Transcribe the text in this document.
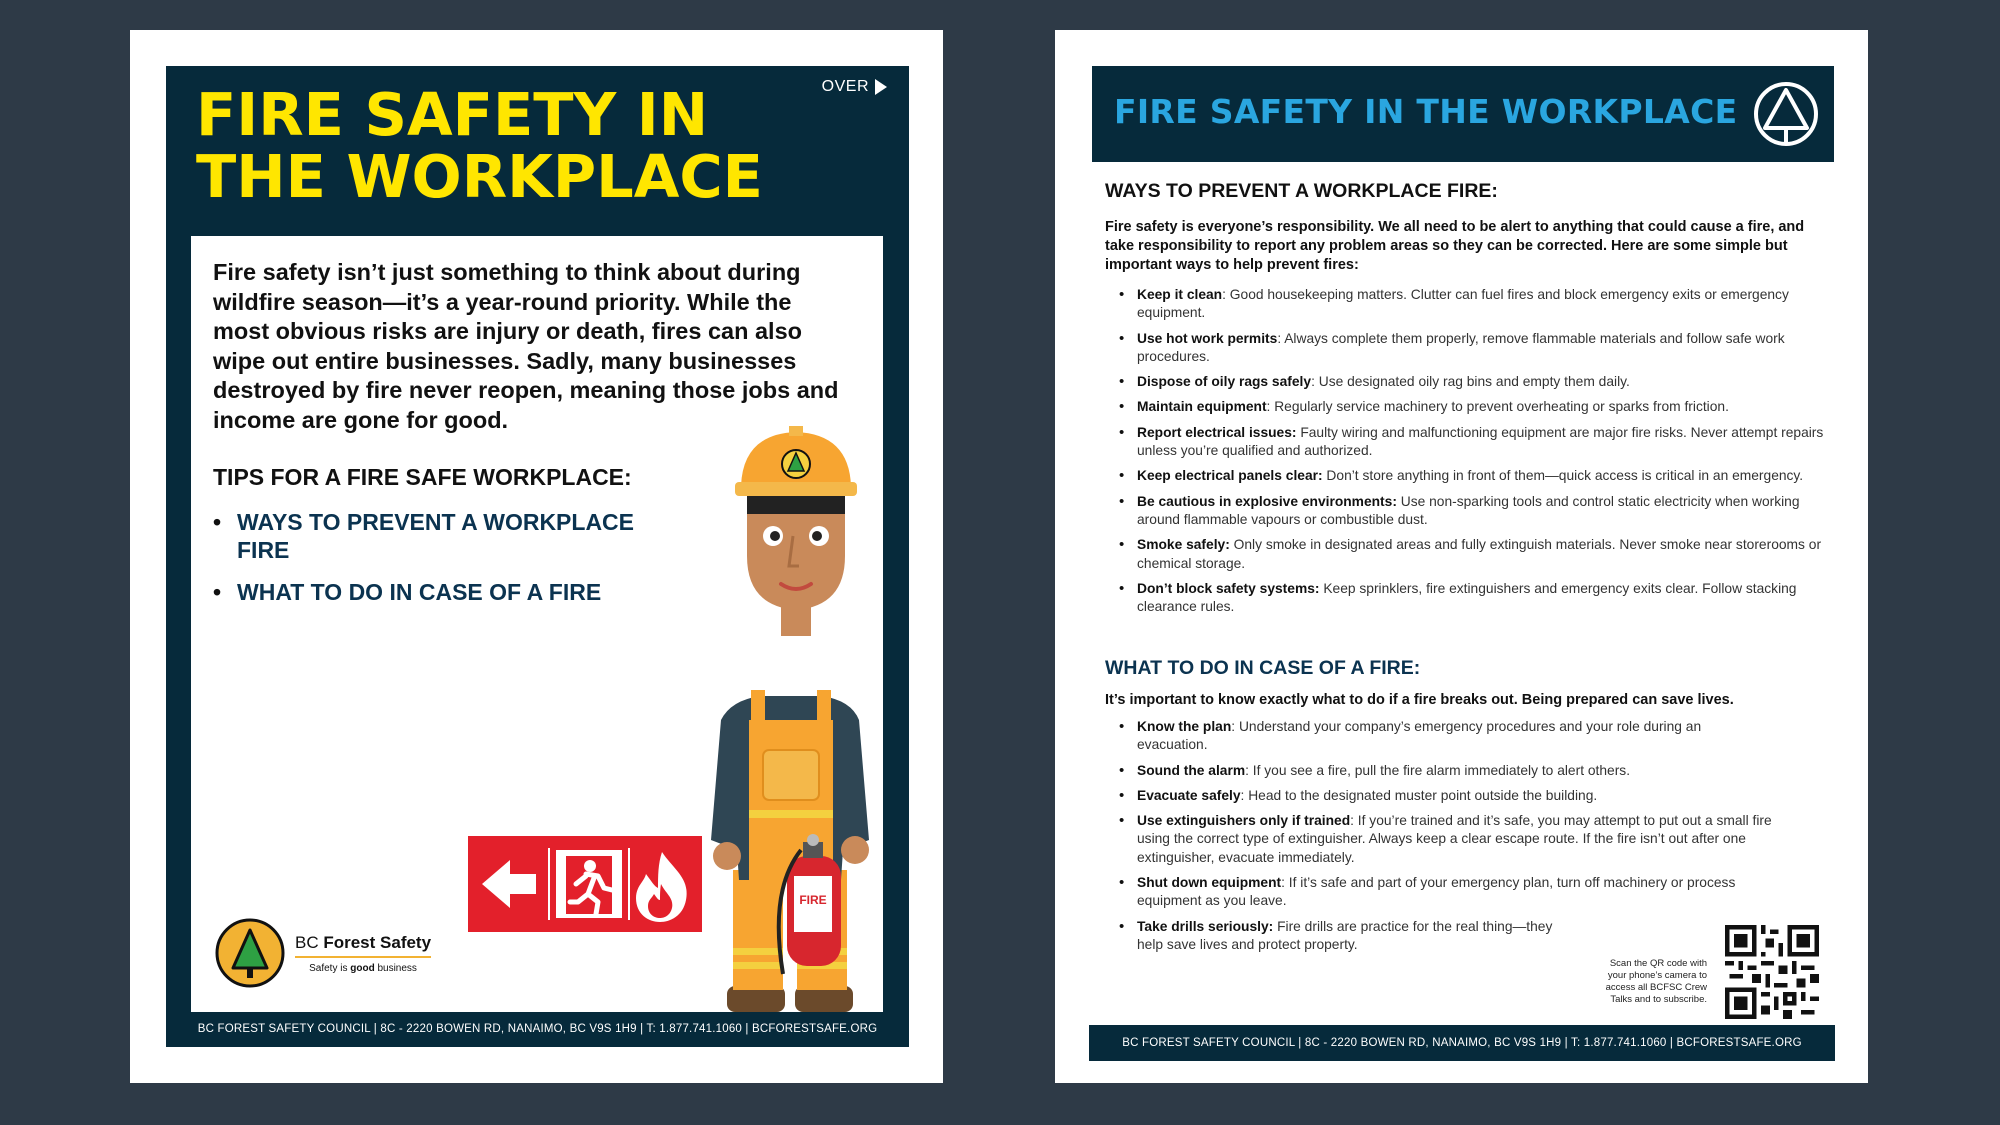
OVER
FIRE SAFETY IN
THE WORKPLACE
Fire safety isn’t just something to think about during wildfire season—it’s a year-round priority. While the most obvious risks are injury or death, fires can also wipe out entire businesses. Sadly, many businesses destroyed by fire never reopen, meaning those jobs and income are gone for good.
TIPS FOR A FIRE SAFE WORKPLACE:
• WAYS TO PREVENT A WORKPLACE FIRE
• WHAT TO DO IN CASE OF A FIRE
BC Forest Safety
Safety is good business
FIRE
BC FOREST SAFETY COUNCIL | 8C - 2220 BOWEN RD, NANAIMO, BC V9S 1H9 | T: 1.877.741.1060 | BCFORESTSAFE.ORG
FIRE SAFETY IN THE WORKPLACE
WAYS TO PREVENT A WORKPLACE FIRE:
Fire safety is everyone’s responsibility. We all need to be alert to anything that could cause a fire, and take responsibility to report any problem areas so they can be corrected. Here are some simple but important ways to help prevent fires:
• Keep it clean: Good housekeeping matters. Clutter can fuel fires and block emergency exits or emergency equipment.
• Use hot work permits: Always complete them properly, remove flammable materials and follow safe work procedures.
• Dispose of oily rags safely: Use designated oily rag bins and empty them daily.
• Maintain equipment: Regularly service machinery to prevent overheating or sparks from friction.
• Report electrical issues: Faulty wiring and malfunctioning equipment are major fire risks. Never attempt repairs unless you’re qualified and authorized.
• Keep electrical panels clear: Don’t store anything in front of them—quick access is critical in an emergency.
• Be cautious in explosive environments: Use non-sparking tools and control static electricity when working around flammable vapours or combustible dust.
• Smoke safely: Only smoke in designated areas and fully extinguish materials. Never smoke near storerooms or chemical storage.
• Don’t block safety systems: Keep sprinklers, fire extinguishers and emergency exits clear. Follow stacking clearance rules.
WHAT TO DO IN CASE OF A FIRE:
It’s important to know exactly what to do if a fire breaks out. Being prepared can save lives.
• Know the plan: Understand your company’s emergency procedures and your role during an evacuation.
• Sound the alarm: If you see a fire, pull the fire alarm immediately to alert others.
• Evacuate safely: Head to the designated muster point outside the building.
• Use extinguishers only if trained: If you’re trained and it’s safe, you may attempt to put out a small fire using the correct type of extinguisher. Always keep a clear escape route. If the fire isn’t out after one extinguisher, evacuate immediately.
• Shut down equipment: If it’s safe and part of your emergency plan, turn off machinery or process equipment as you leave.
• Take drills seriously: Fire drills are practice for the real thing—they help save lives and protect property.
Scan the QR code with your phone’s camera to access all BCFSC Crew Talks and to subscribe.
BC FOREST SAFETY COUNCIL | 8C - 2220 BOWEN RD, NANAIMO, BC V9S 1H9 | T: 1.877.741.1060 | BCFORESTSAFE.ORG
